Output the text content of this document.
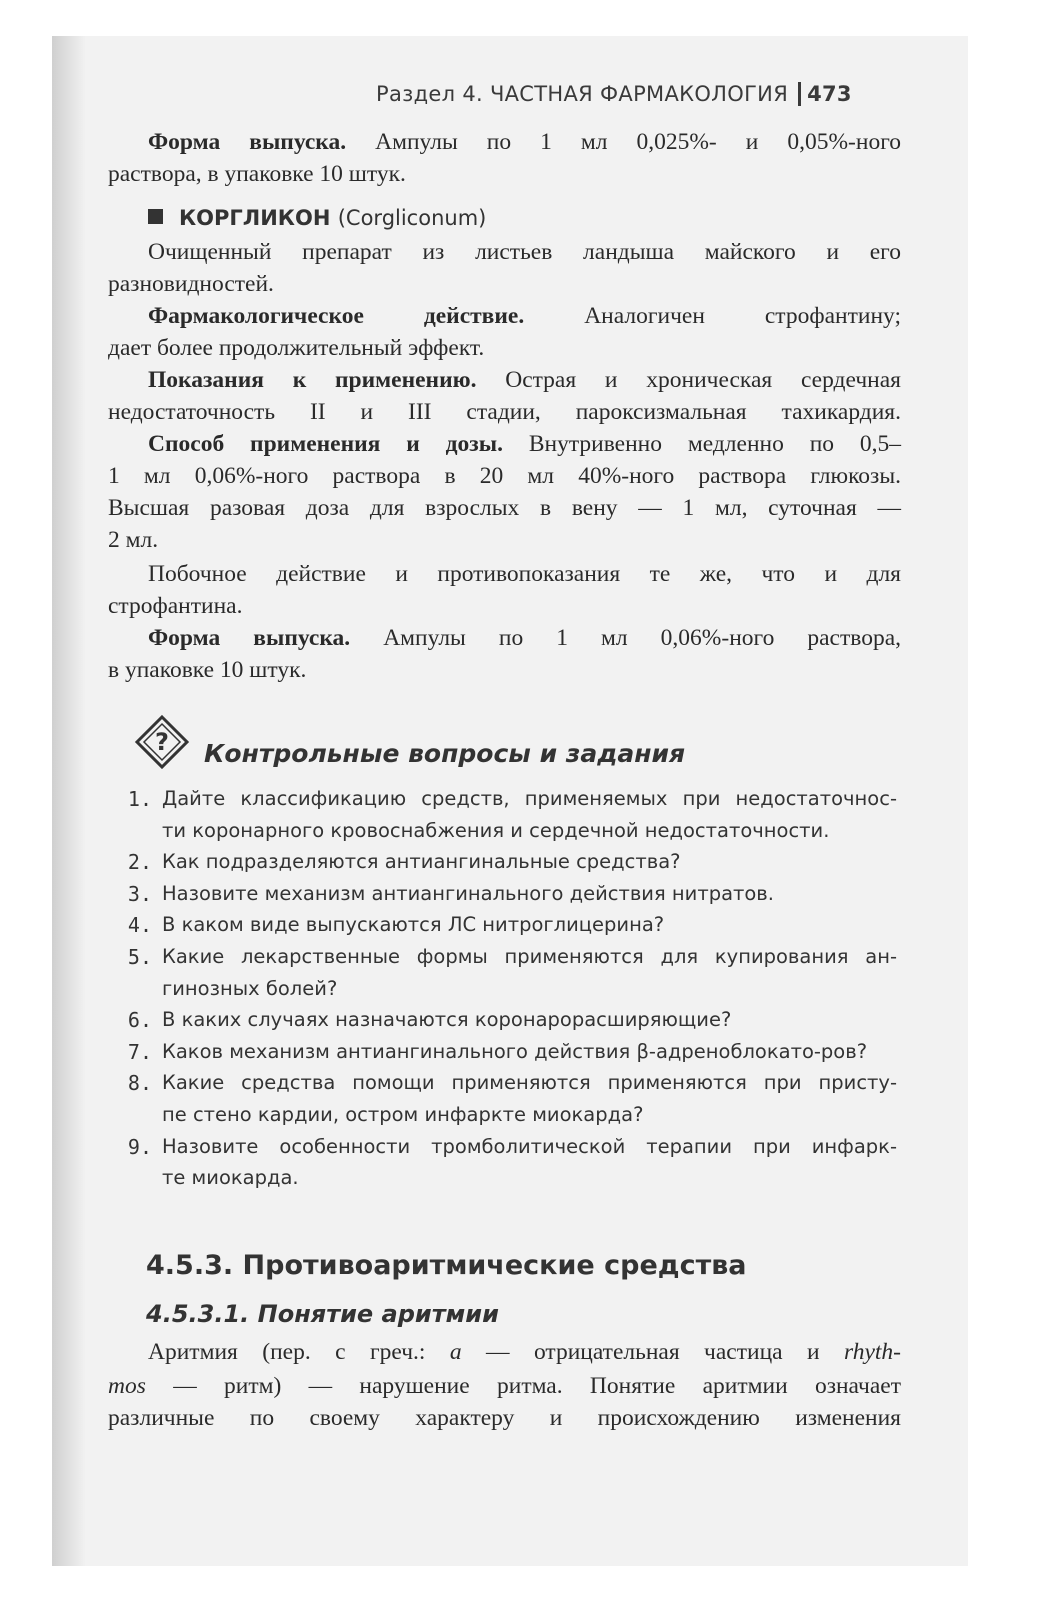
Раздел 4. ЧАСТНАЯ ФАРМАКОЛОГИЯ 473
Форма выпуска. Ампулы по 1 мл 0,025%- и 0,05%-ного
раствора, в упаковке 10 штук.
КОРГЛИКОН (Corgliconum)
Очищенный препарат из листьев ландыша майского и его
разновидностей.
Фармакологическое действие.	Аналогичен строфантину;
дает более продолжительный эффект.
Показания к применению. Острая и хроническая сердечная
недостаточность II и III стадии, пароксизмальная тахикардия.
Способ применения и дозы. Внутривенно медленно по 0,5–
1 мл 0,06%-ного раствора в 20 мл 40%-ного раствора глюкозы.
Высшая разовая доза для взрослых в вену — 1 мл, суточная —
2 мл.
Побочное действие и противопоказания те же, что и для
строфантина.
Форма выпуска. Ампулы по 1 мл 0,06%-ного раствора,
в упаковке 10 штук.
? Контрольные вопросы и задания
1. Дайте классификацию средств, применяемых при недостаточнос-
ти коронарного кровоснабжения и сердечной недостаточности.
2. Как подразделяются антиангинальные средства?
3. Назовите механизм антиангинального действия нитратов.
4. В каком виде выпускаются ЛС нитроглицерина?
5. Какие лекарственные формы применяются для купирования ан-
гинозных болей?
6. В каких случаях назначаются коронарорасширяющие?
7. Каков механизм антиангинального действия β-адреноблокато-ров?
8. Какие средства помощи применяются применяются при присту-
пе стено кардии, остром инфаркте миокарда?
9. Назовите особенности тромболитической терапии при инфарк-
те миокарда.
4.5.3. Противоаритмические средства
4.5.3.1. Понятие аритмии
Аритмия (пер. с греч.: а — отрицательная частица и rhyth-
mos — ритм) — нарушение ритма. Понятие аритмии означает
различные по своему характеру и происхождению изменения
